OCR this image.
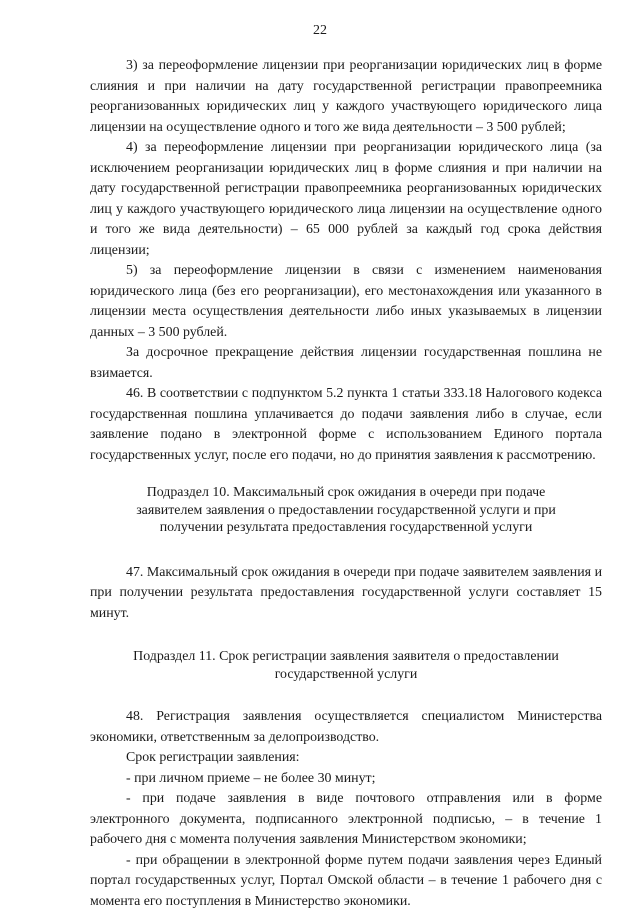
22

3) за переоформление лицензии при реорганизации юридических лиц в форме слияния и при наличии на дату государственной регистрации правопреемника реорганизованных юридических лиц у каждого участвующего юридического лица лицензии на осуществление одного и того же вида деятельности – 3 500 рублей;

4) за переоформление лицензии при реорганизации юридического лица (за исключением реорганизации юридических лиц в форме слияния и при наличии на дату государственной регистрации правопреемника реорганизованных юридических лиц у каждого участвующего юридического лица лицензии на осуществление одного и того же вида деятельности) – 65 000 рублей за каждый год срока действия лицензии;

5) за переоформление лицензии в связи с изменением наименования юридического лица (без его реорганизации), его местонахождения или указанного в лицензии места осуществления деятельности либо иных указываемых в лицензии данных – 3 500 рублей.

За досрочное прекращение действия лицензии государственная пошлина не взимается.

46. В соответствии с подпунктом 5.2 пункта 1 статьи 333.18 Налогового кодекса государственная пошлина уплачивается до подачи заявления либо в случае, если заявление подано в электронной форме с использованием Единого портала государственных услуг, после его подачи, но до принятия заявления к рассмотрению.

Подраздел 10. Максимальный срок ожидания в очереди при подаче заявителем заявления о предоставлении государственной услуги и при получении результата предоставления государственной услуги

47. Максимальный срок ожидания в очереди при подаче заявителем заявления и при получении результата предоставления государственной услуги составляет 15 минут.

Подраздел 11. Срок регистрации заявления заявителя о предоставлении государственной услуги

48. Регистрация заявления осуществляется специалистом Министерства экономики, ответственным за делопроизводство.

Срок регистрации заявления:

- при личном приеме – не более 30 минут;

- при подаче заявления в виде почтового отправления или в форме электронного документа, подписанного электронной подписью, – в течение 1 рабочего дня с момента получения заявления Министерством экономики;

- при обращении в электронной форме путем подачи заявления через Единый портал государственных услуг, Портал Омской области – в течение 1 рабочего дня с момента его поступления в Министерство экономики.
